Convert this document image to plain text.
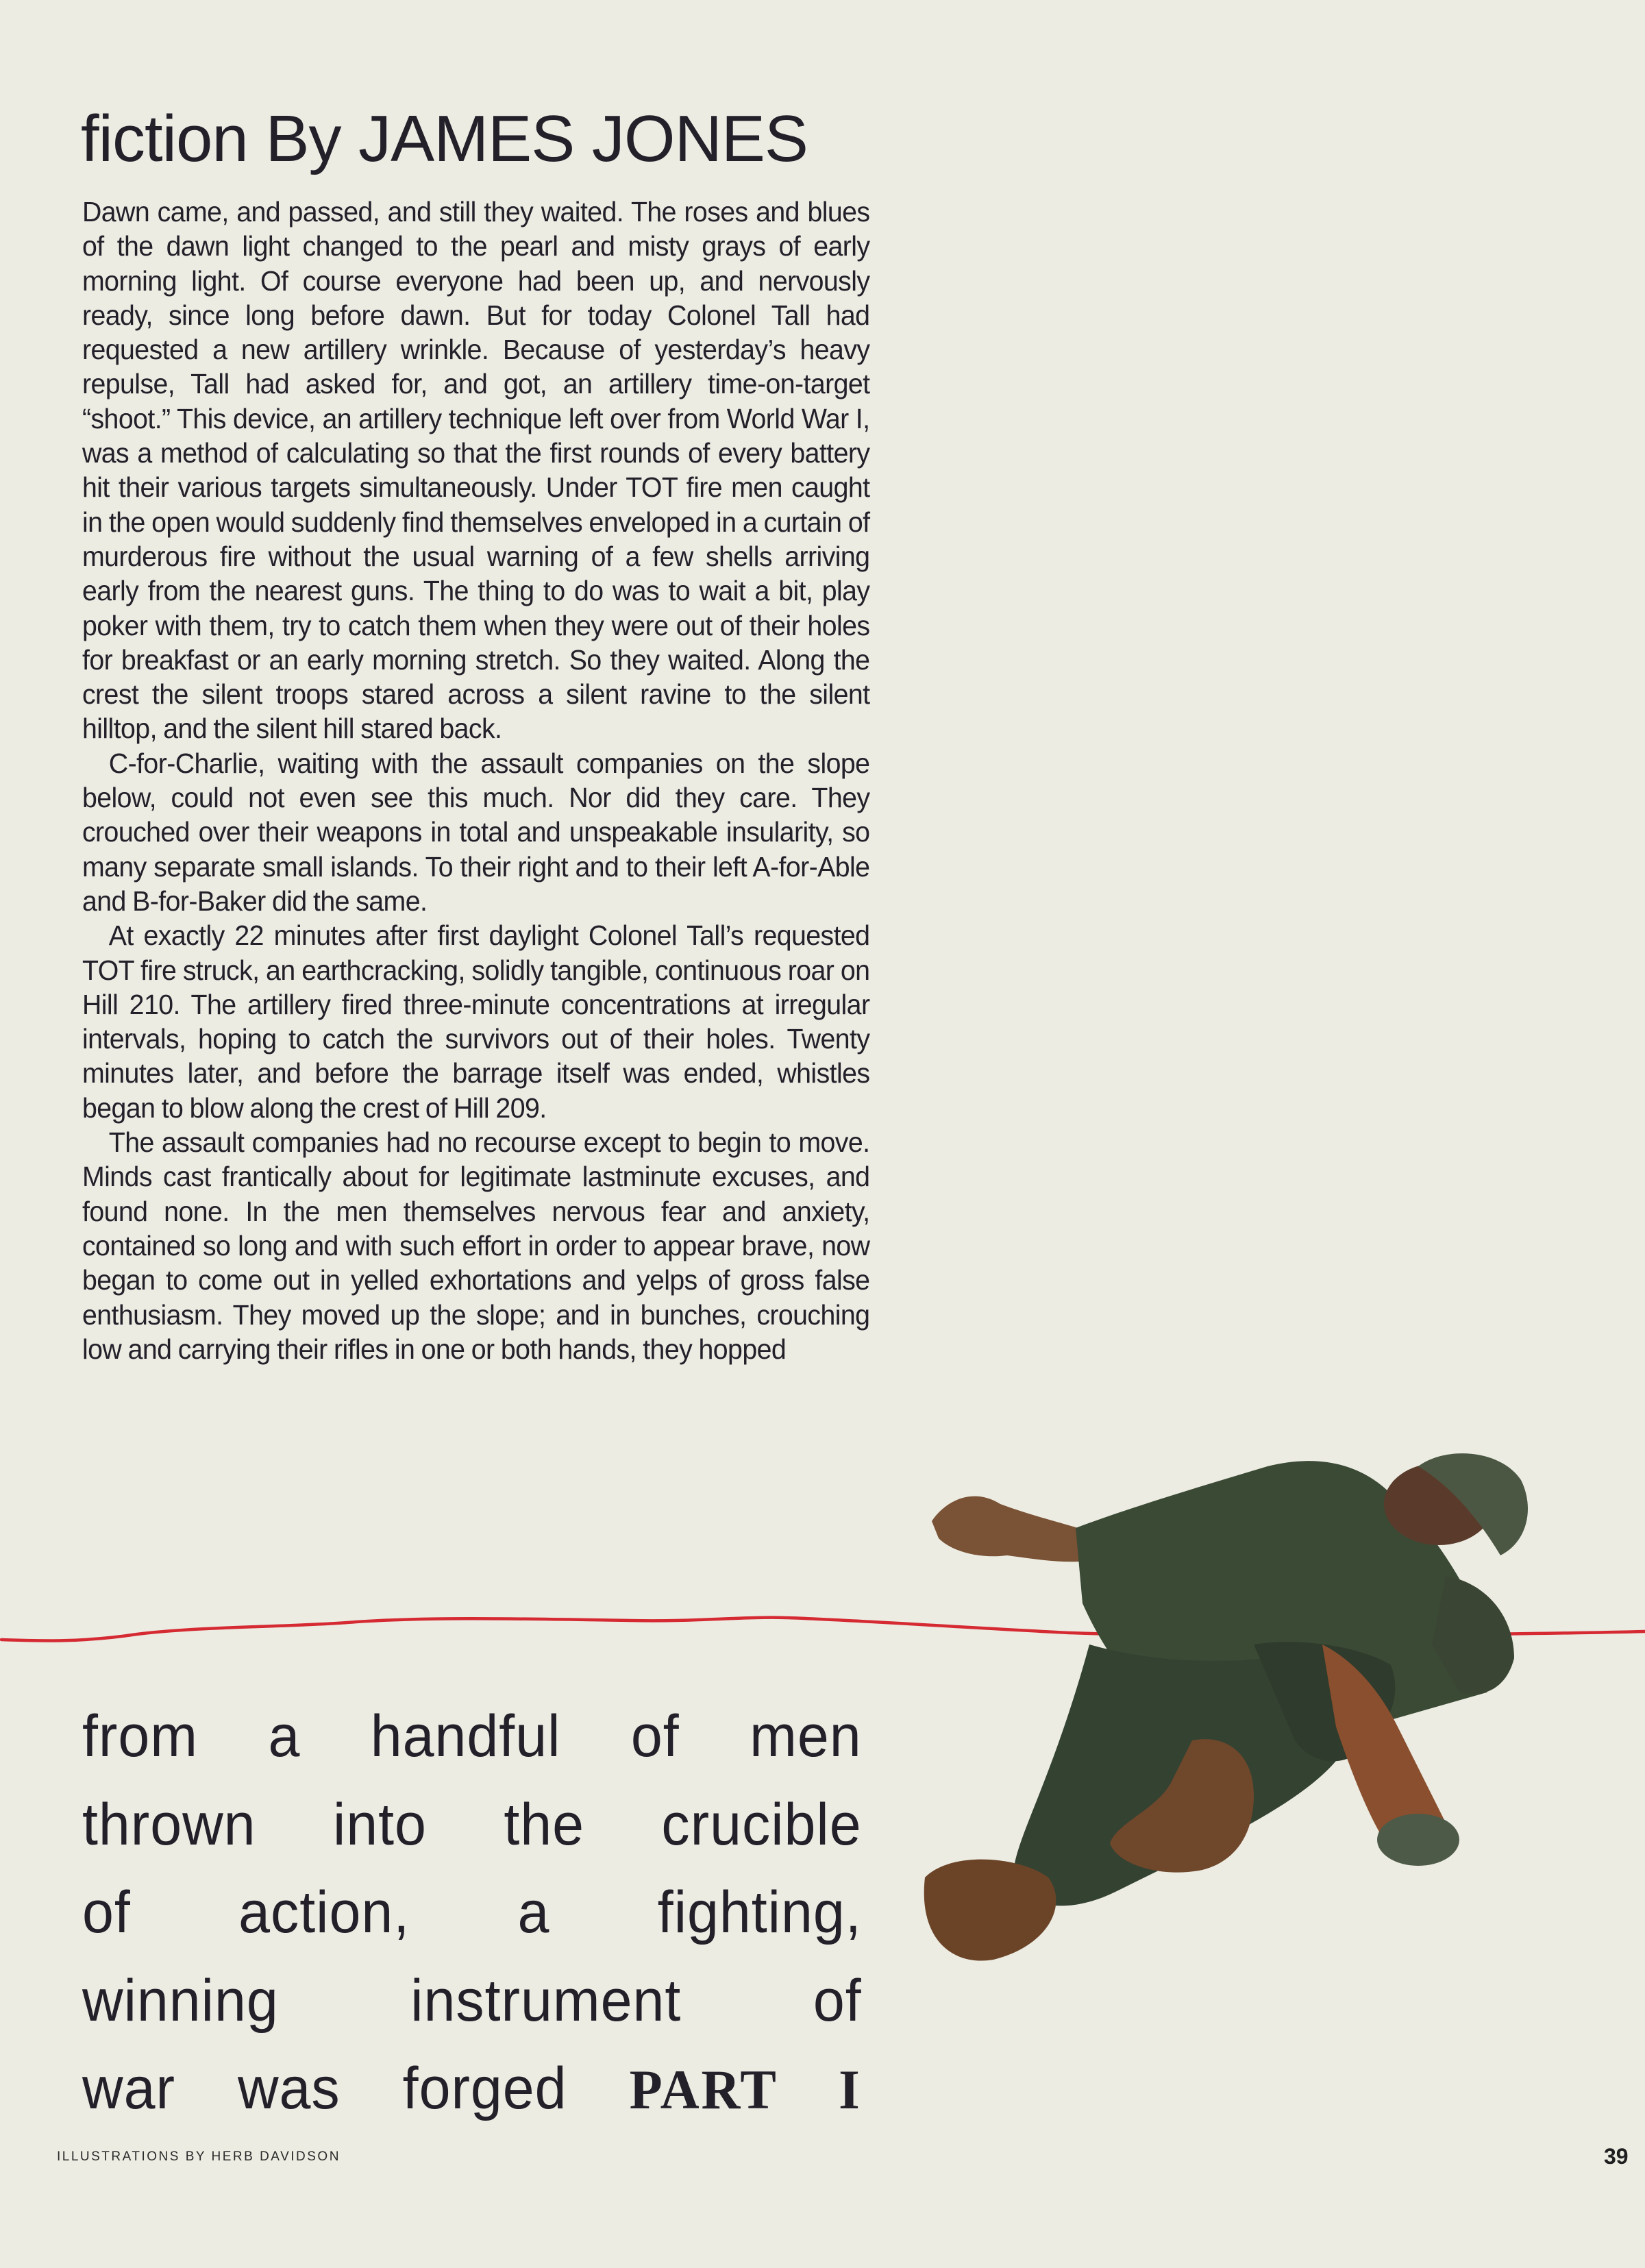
fiction By JAMES JONES

Dawn came, and passed, and still they waited. The roses and blues of the dawn light changed to the pearl and misty grays of early morning light. Of course everyone had been up, and nervously ready, since long before dawn. But for today Colonel Tall had requested a new artillery wrinkle. Because of yesterday’s heavy repulse, Tall had asked for, and got, an artillery time-on-target “shoot.” This device, an artillery technique left over from World War I, was a method of calculating so that the first rounds of every battery hit their various targets simultaneously. Under TOT fire men caught in the open would suddenly find themselves enveloped in a curtain of murderous fire without the usual warning of a few shells arriving early from the nearest guns. The thing to do was to wait a bit, play poker with them, try to catch them when they were out of their holes for breakfast or an early morning stretch. So they waited. Along the crest the silent troops stared across a silent ravine to the silent hilltop, and the silent hill stared back.

C-for-Charlie, waiting with the assault companies on the slope below, could not even see this much. Nor did they care. They crouched over their weapons in total and unspeakable insularity, so many separate small islands. To their right and to their left A-for-Able and B-for-Baker did the same.

At exactly 22 minutes after first daylight Colonel Tall’s requested TOT fire struck, an earthcracking, solidly tangible, continuous roar on Hill 210. The artillery fired three-minute concentrations at irregular intervals, hoping to catch the survivors out of their holes. Twenty minutes later, and before the barrage itself was ended, whistles began to blow along the crest of Hill 209.

The assault companies had no recourse except to begin to move. Minds cast frantically about for legitimate lastminute excuses, and found none. In the men themselves nervous fear and anxiety, contained so long and with such effort in order to appear brave, now began to come out in yelled exhortations and yelps of gross false enthusiasm. They moved up the slope; and in bunches, crouching low and carrying their rifles in one or both hands, they hopped

from a handful of men
thrown into the crucible
of action, a fighting,
winning instrument of
war was forged PART I
ILLUSTRATIONS BY HERB DAVIDSON	39
